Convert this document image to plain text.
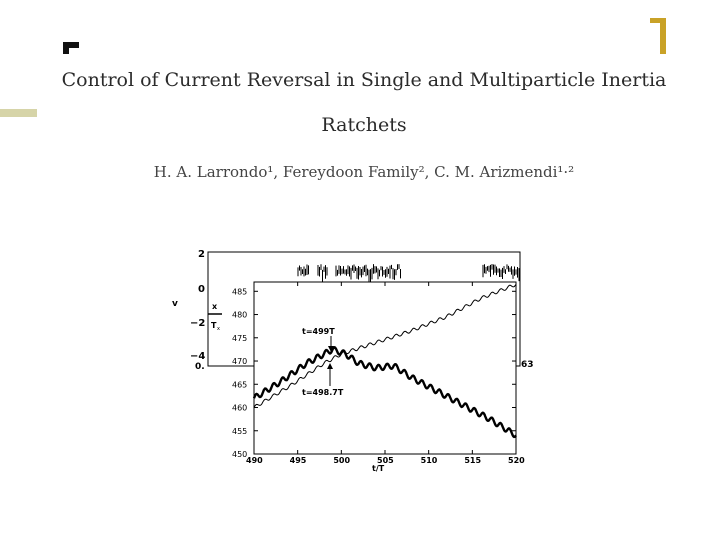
Control of Current Reversal in Single and Multiparticle Inertia
Ratchets
H. A. Larrondo¹, Fereydoon Family², C. M. Arizmendi¹·²
v
2
0
−2
−4
0.	63
485
480
475
470
465
460
455
450
490	495	500	505	510	515	520
x
T x
t/T
t=499T
t=498.7T
